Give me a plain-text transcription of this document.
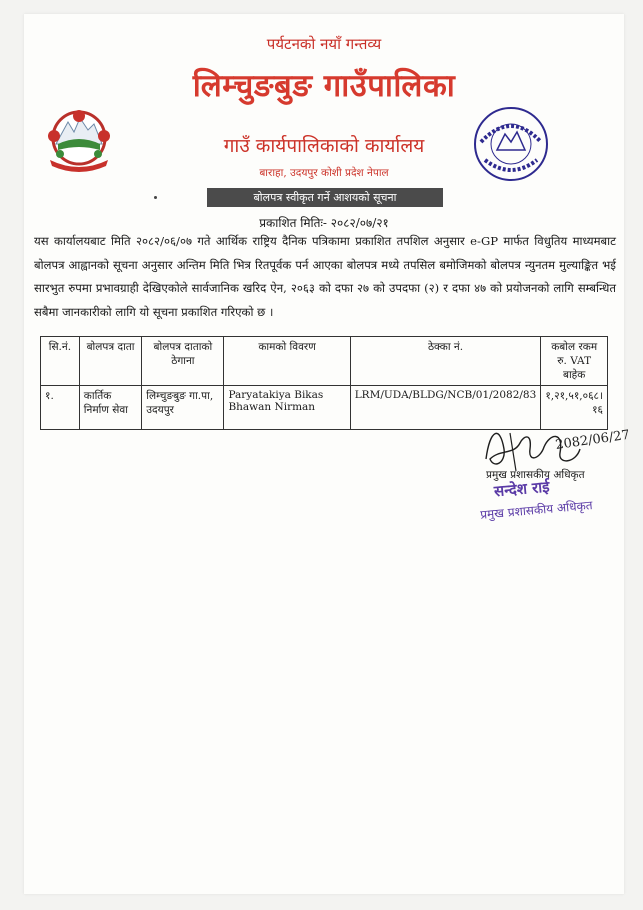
पर्यटनको नयाँ गन्तव्य
लिम्चुङबुङ गाउँपालिका
गाउँ कार्यपालिकाको कार्यालय
बाराहा, उदयपुर कोशी प्रदेश नेपाल
बोलपत्र स्वीकृत गर्ने आशयको सूचना
प्रकाशित मितिः- २०८२/०७/२१
यस कार्यालयबाट मिति २०८२/०६/०७ गते आर्थिक राष्ट्रिय दैनिक पत्रिकामा प्रकाशित तपशिल अनुसार e-GP मार्फत विधुतिय माध्यमबाट बोलपत्र आह्वानको सूचना अनुसार अन्तिम मिति भित्र रितपूर्वक पर्न आएका बोलपत्र मध्ये तपसिल बमोजिमको बोलपत्र न्युनतम मुल्याङ्कित भई सारभुत रुपमा प्रभावग्राही देखिएकोले सार्वजानिक खरिद ऐन, २०६३ को दफा २७ को उपदफा (२) र दफा ४७ को प्रयोजनको लागि सम्बन्धित सबैमा जानकारीको लागि यो सूचना प्रकाशित गरिएको छ ।
सि.नं.	बोलपत्र दाता	बोलपत्र दाताको ठेगाना	कामको विवरण	ठेक्का नं.	कबोल रकम रु. VAT बाहेक
१.	कार्तिक निर्माण सेवा	लिम्चुङबुङ गा.पा, उदयपुर	Paryatakiya Bikas Bhawan Nirman	LRM/UDA/BLDG/NCB/01/2082/83	१,२१,५१,०६८।१६
2082/06/27
प्रमुख प्रशासकीय अधिकृत
सन्देश राई
प्रमुख प्रशासकीय अधिकृत
